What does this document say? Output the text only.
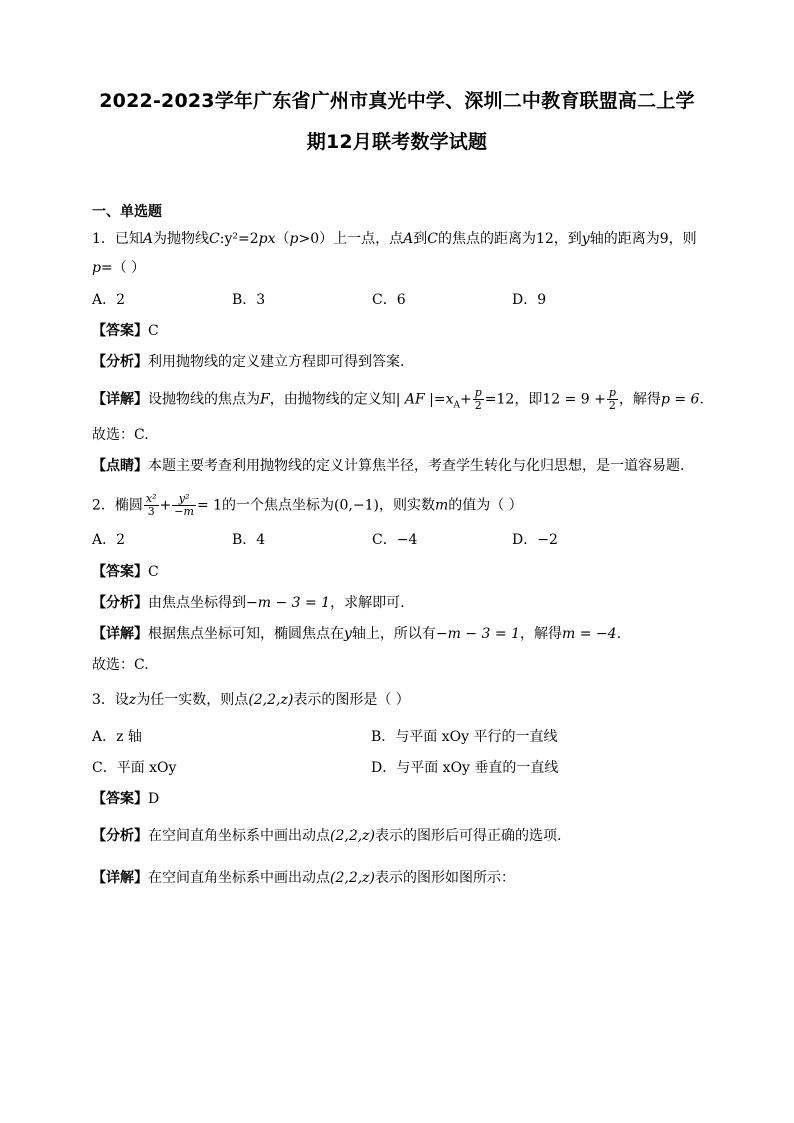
2022-2023学年广东省广州市真光中学、深圳二中教育联盟高二上学
期12月联考数学试题
一、单选题
1．已知A为抛物线C:y²=2px（p>0）上一点，点A到C的焦点的距离为12，到y轴的距离为9，则
p=（ ）
A．2	B．3	C．6	D．9
【答案】C
【分析】利用抛物线的定义建立方程即可得到答案.
【详解】设抛物线的焦点为F，由抛物线的定义知| AF $|=x_A+ \frac{p}{2} =12$，即$12 = 9 + \frac{p}{2}$ ，解得p = 6.
故选：C.
【点睛】本题主要考查利用抛物线的定义计算焦半径，考查学生转化与化归思想，是一道容易题.
2．椭圆 $\frac{\text{x²}}{3} + \frac{\text{y²}}{-m} = 1$的一个焦点坐标为(0,−1)，则实数m的值为（ ）
A．2	B．4	C．−4	D．−2
【答案】C
【分析】由焦点坐标得到−m − 3 = 1，求解即可.
【详解】根据焦点坐标可知，椭圆焦点在y轴上，所以有−m − 3 = 1，解得m = −4.
故选：C.
3．设z为任一实数，则点(2,2,z)表示的图形是（ ）
A．z 轴	B．与平面 xOy 平行的一直线
C．平面 xOy	D．与平面 xOy 垂直的一直线
【答案】D
【分析】在空间直角坐标系中画出动点(2,2,z)表示的图形后可得正确的选项.
【详解】在空间直角坐标系中画出动点(2,2,z)表示的图形如图所示：
